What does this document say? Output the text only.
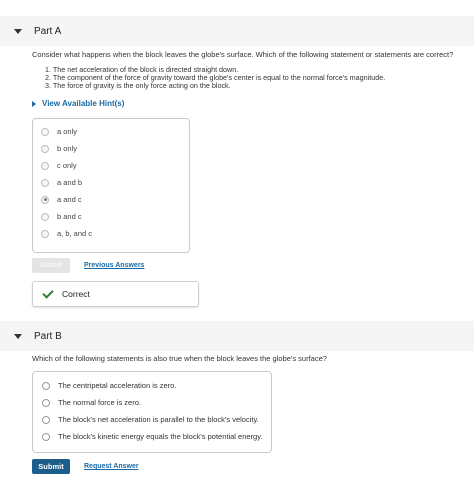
Part A
Consider what happens when the block leaves the globe's surface. Which of the following statement or statements are correct?
1. The net acceleration of the block is directed straight down.
2. The component of the force of gravity toward the globe's center is equal to the normal force's magnitude.
3. The force of gravity is the only force acting on the block.
View Available Hint(s)
a only
b only
c only
a and b
a and c
b and c
a, b, and c
Submit	Previous Answers
Correct
Part B
Which of the following statements is also true when the block leaves the globe's surface?
The centripetal acceleration is zero.
The normal force is zero.
The block's net acceleration is parallel to the block's velocity.
The block's kinetic energy equals the block's potential energy.
Submit	Request Answer
